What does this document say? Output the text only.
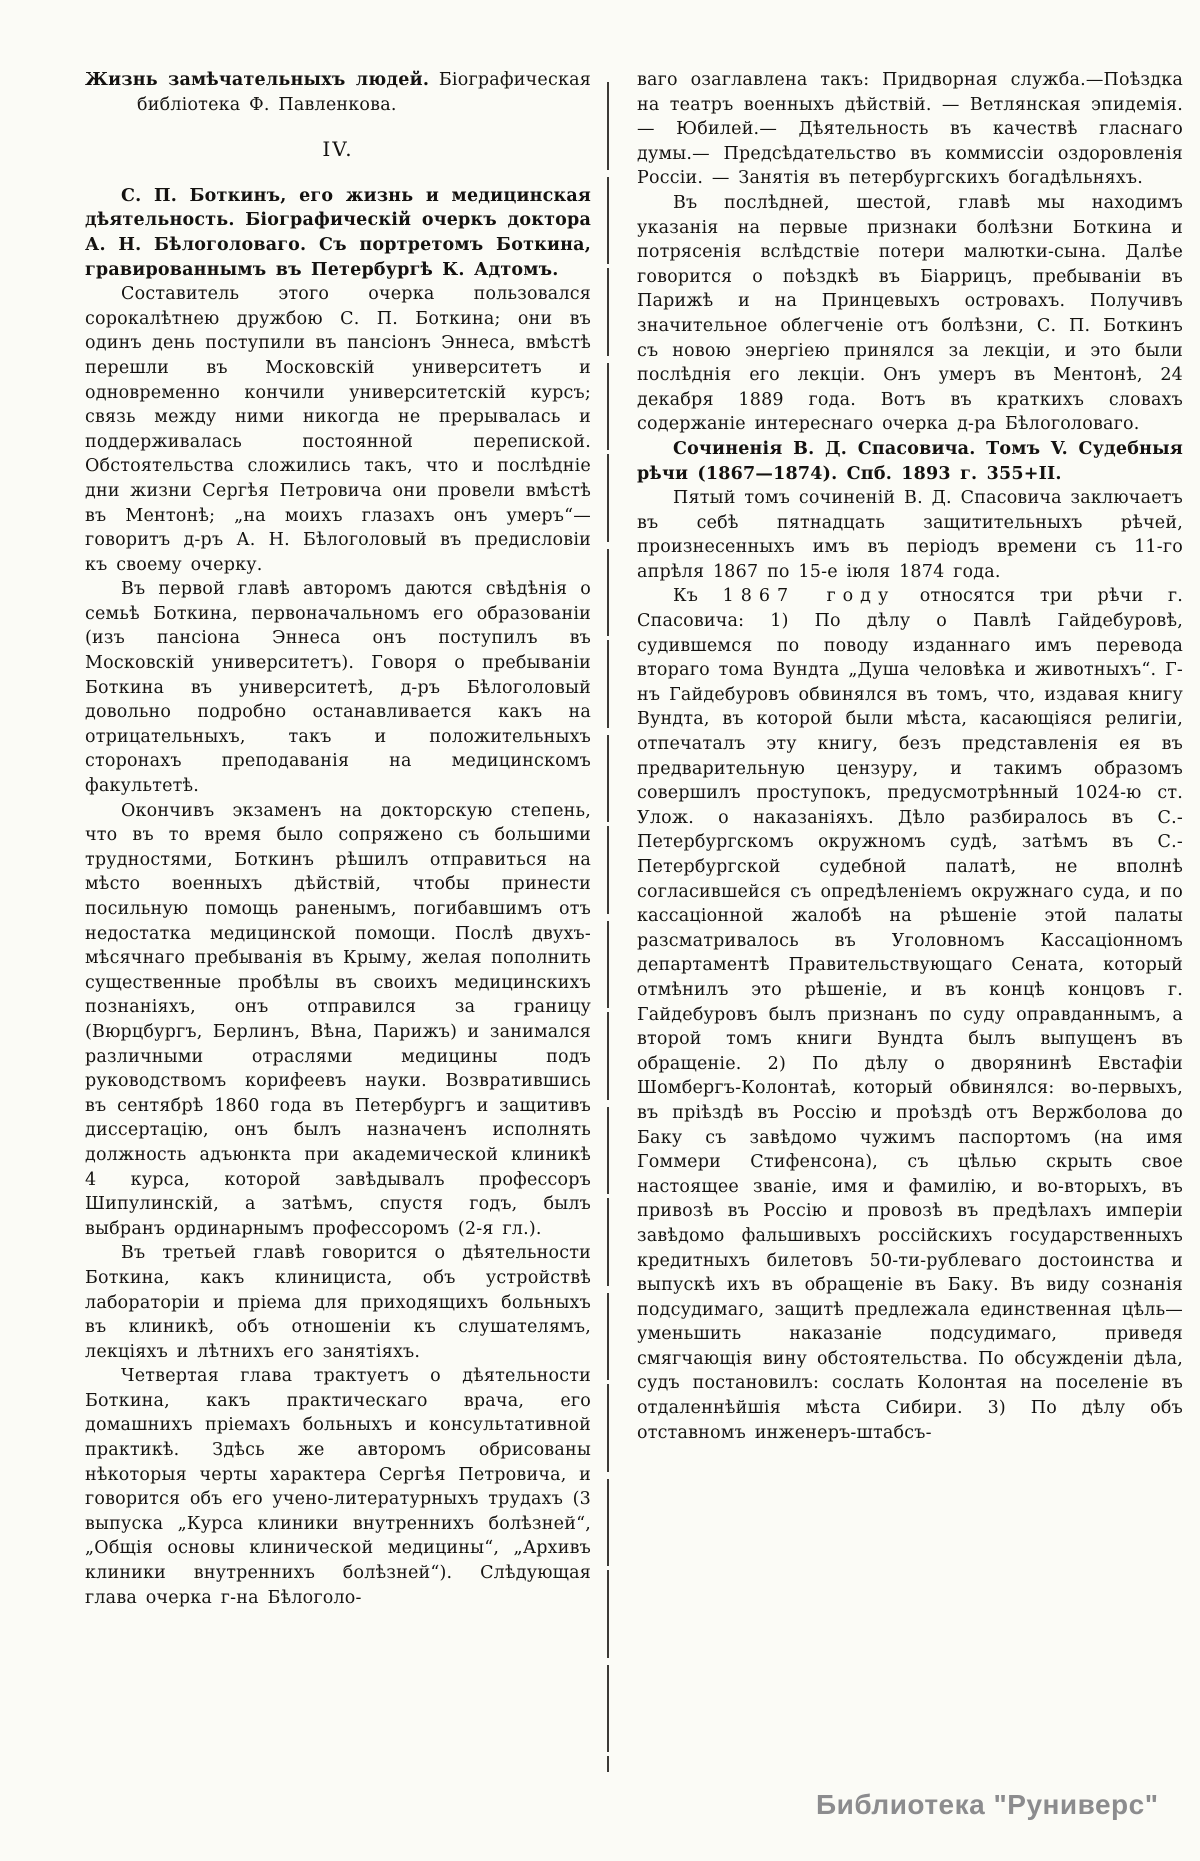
Жизнь замѣчательныхъ людей. Біографическая библіотека Ф. Павленкова.

IV.

С. П. Боткинъ, его жизнь и медицинская дѣятельность. Біографическій очеркъ доктора А. Н. Бѣлоголоваго. Съ портретомъ Боткина, гравированнымъ въ Петербургѣ К. Адтомъ.

Составитель этого очерка пользовался сорокалѣтнею дружбою С. П. Боткина; они въ одинъ день поступили въ пансіонъ Эннеса, вмѣстѣ перешли въ Московскій университетъ и одновременно кончили университетскій курсъ; связь между ними никогда не прерывалась и поддерживалась постоянной перепиской. Обстоятельства сложились такъ, что и послѣдніе дни жизни Сергѣя Петровича они провели вмѣстѣ въ Ментонѣ; „на моихъ глазахъ онъ умеръ“— говоритъ д-ръ А. Н. Бѣлоголовый въ предисловіи къ своему очерку.

Въ первой главѣ авторомъ даются свѣдѣнія о семьѣ Боткина, первоначальномъ его образованіи (изъ пансіона Эннеса онъ поступилъ въ Московскій университетъ). Говоря о пребываніи Боткина въ университетѣ, д-ръ Бѣлоголовый довольно подробно останавливается какъ на отрицательныхъ, такъ и положительныхъ сторонахъ преподаванія на медицинскомъ факультетѣ.

Окончивъ экзаменъ на докторскую степень, что въ то время было сопряжено съ большими трудностями, Боткинъ рѣшилъ отправиться на мѣсто военныхъ дѣйствій, чтобы принести посильную помощь раненымъ, погибавшимъ отъ недостатка медицинской помощи. Послѣ двухъ-мѣсячнаго пребыванія въ Крыму, желая пополнить существенные пробѣлы въ своихъ медицинскихъ познаніяхъ, онъ отправился за границу (Вюрцбургъ, Берлинъ, Вѣна, Парижъ) и занимался различными отраслями медицины подъ руководствомъ корифеевъ науки. Возвратившись въ сентябрѣ 1860 года въ Петербургъ и защитивъ диссертацію, онъ былъ назначенъ исполнять должность адъюнкта при академической клиникѣ 4 курса, которой завѣдывалъ профессоръ Шипулинскій, а затѣмъ, спустя годъ, былъ выбранъ ординарнымъ профессоромъ (2-я гл.).

Въ третьей главѣ говорится о дѣятельности Боткина, какъ клинициста, объ устройствѣ лабораторіи и пріема для приходящихъ больныхъ въ клиникѣ, объ отношеніи къ слушателямъ, лекціяхъ и лѣтнихъ его занятіяхъ.

Четвертая глава трактуетъ о дѣятельности Боткина, какъ практическаго врача, его домашнихъ пріемахъ больныхъ и консультативной практикѣ. Здѣсь же авторомъ обрисованы нѣкоторыя черты характера Сергѣя Петровича, и говорится объ его учено-литературныхъ трудахъ (3 выпуска „Курса клиники внутреннихъ болѣзней“, „Общія основы клинической медицины“, „Архивъ клиники внутреннихъ болѣзней“). Слѣдующая глава очерка г-на Бѣлоголо-

ваго озаглавлена такъ: Придворная служба.—Поѣздка на театръ военныхъ дѣйствій. — Ветлянская эпидемія. — Юбилей.— Дѣятельность въ качествѣ гласнаго думы.— Предсѣдательство въ коммиссіи оздоровленія Россіи. — Занятія въ петербургскихъ богадѣльняхъ.

Въ послѣдней, шестой, главѣ мы находимъ указанія на первые признаки болѣзни Боткина и потрясенія вслѣдствіе потери малютки-сына. Далѣе говорится о поѣздкѣ въ Біаррицъ, пребываніи въ Парижѣ и на Принцевыхъ островахъ. Получивъ значительное облегченіе отъ болѣзни, С. П. Боткинъ съ новою энергіею принялся за лекціи, и это были послѣднія его лекціи. Онъ умеръ въ Ментонѣ, 24 декабря 1889 года. Вотъ въ краткихъ словахъ содержаніе интереснаго очерка д-ра Бѣлоголоваго.

Сочиненія В. Д. Спасовича. Томъ V. Судебныя рѣчи (1867—1874). Спб. 1893 г. 355+II.

Пятый томъ сочиненій В. Д. Спасовича заключаетъ въ себѣ пятнадцать защитительныхъ рѣчей, произнесенныхъ имъ въ періодъ времени съ 11-го апрѣля 1867 по 15-е іюля 1874 года.

Къ 1867 году относятся три рѣчи г. Спасовича: 1) По дѣлу о Павлѣ Гайдебуровѣ, судившемся по поводу изданнаго имъ перевода втораго тома Вундта „Душа человѣка и животныхъ“. Г-нъ Гайдебуровъ обвинялся въ томъ, что, издавая книгу Вундта, въ которой были мѣста, касающіяся религіи, отпечаталъ эту книгу, безъ представленія ея въ предварительную цензуру, и такимъ образомъ совершилъ проступокъ, предусмотрѣнный 1024-ю ст. Улож. о наказаніяхъ. Дѣло разбиралось въ С.-Петербургскомъ окружномъ судѣ, затѣмъ въ С.-Петербургской судебной палатѣ, не вполнѣ согласившейся съ опредѣленіемъ окружнаго суда, и по кассаціонной жалобѣ на рѣшеніе этой палаты разсматривалось въ Уголовномъ Кассаціонномъ департаментѣ Правительствующаго Сената, который отмѣнилъ это рѣшеніе, и въ концѣ концовъ г. Гайдебуровъ былъ признанъ по суду оправданнымъ, а второй томъ книги Вундта былъ выпущенъ въ обращеніе. 2) По дѣлу о дворянинѣ Евстафіи Шомбергъ-Колонтаѣ, который обвинялся: во-первыхъ, въ пріѣздѣ въ Россію и проѣздѣ отъ Вержболова до Баку съ завѣдомо чужимъ паспортомъ (на имя Гоммери Стифенсона), съ цѣлью скрыть свое настоящее званіе, имя и фамилію, и во-вторыхъ, въ привозѣ въ Россію и провозѣ въ предѣлахъ имперіи завѣдомо фальшивыхъ россійскихъ государственныхъ кредитныхъ билетовъ 50-ти-рублеваго достоинства и выпускѣ ихъ въ обращеніе въ Баку. Въ виду сознанія подсудимаго, защитѣ предлежала единственная цѣль—уменьшить наказаніе подсудимаго, приведя смягчающія вину обстоятельства. По обсужденіи дѣла, судъ постановилъ: сослать Колонтая на поселеніе въ отдаленнѣйшія мѣста Сибири. 3) По дѣлу объ отставномъ инженеръ-штабсъ-

Библиотека "Руниверс"
